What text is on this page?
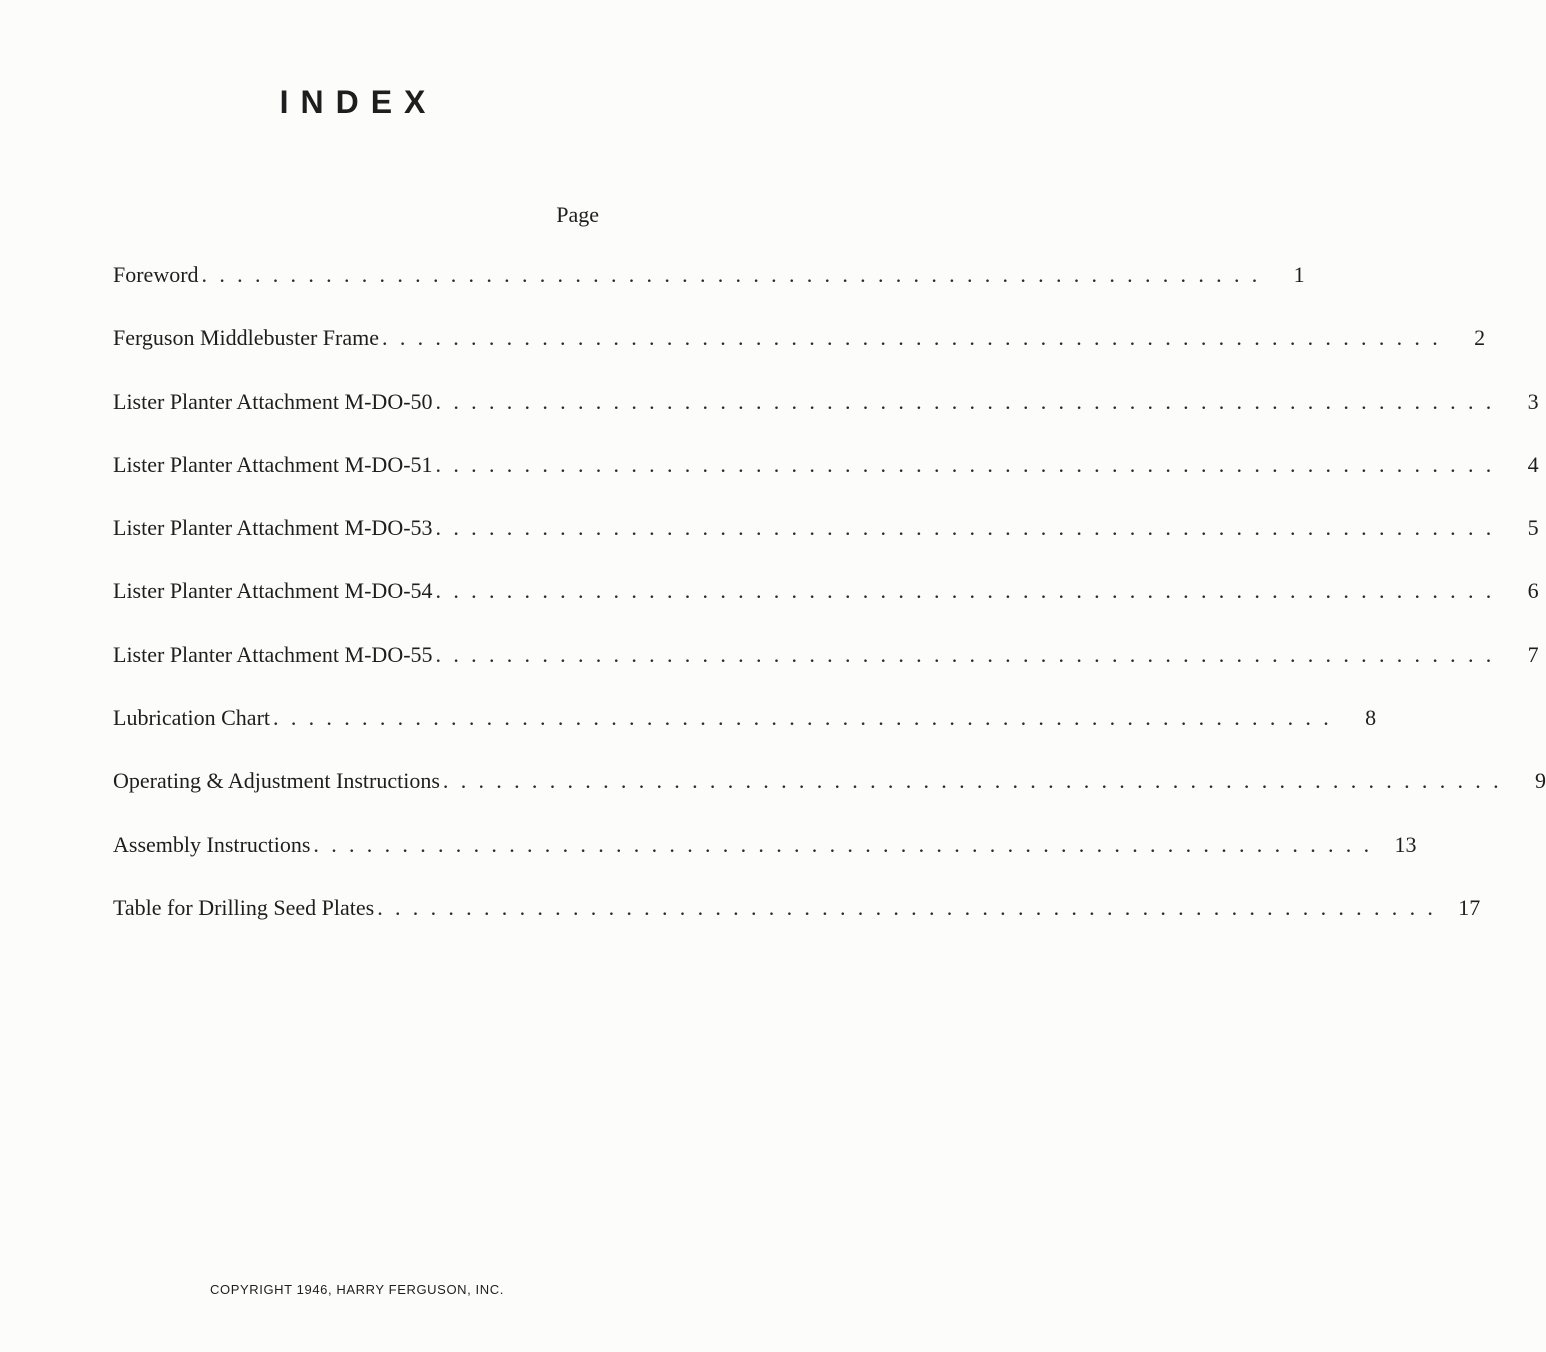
INDEX
Page
Foreword . . . . . . . . . . . . . . . . . . . . . . . . . . . . . . . . . . . . . . . . . . . . . . . . . . . . . . . . . . . .	1
Ferguson Middlebuster Frame . . . . . . . . . . . . . . . . . . . . . . . . . . . . . . . . . . . . . . . . . . . . . . . . . . . . . . . . . . . .	2
Lister Planter Attachment M-DO-50 . . . . . . . . . . . . . . . . . . . . . . . . . . . . . . . . . . . . . . . . . . . . . . . . . . . . . . . . . . . .	3
Lister Planter Attachment M-DO-51 . . . . . . . . . . . . . . . . . . . . . . . . . . . . . . . . . . . . . . . . . . . . . . . . . . . . . . . . . . . .	4
Lister Planter Attachment M-DO-53 . . . . . . . . . . . . . . . . . . . . . . . . . . . . . . . . . . . . . . . . . . . . . . . . . . . . . . . . . . . .	5
Lister Planter Attachment M-DO-54 . . . . . . . . . . . . . . . . . . . . . . . . . . . . . . . . . . . . . . . . . . . . . . . . . . . . . . . . . . . .	6
Lister Planter Attachment M-DO-55 . . . . . . . . . . . . . . . . . . . . . . . . . . . . . . . . . . . . . . . . . . . . . . . . . . . . . . . . . . . .	7
Lubrication Chart . . . . . . . . . . . . . . . . . . . . . . . . . . . . . . . . . . . . . . . . . . . . . . . . . . . . . . . . . . . .	8
Operating & Adjustment Instructions . . . . . . . . . . . . . . . . . . . . . . . . . . . . . . . . . . . . . . . . . . . . . . . . . . . . . . . . . . . .	9
Assembly Instructions . . . . . . . . . . . . . . . . . . . . . . . . . . . . . . . . . . . . . . . . . . . . . . . . . . . . . . . . . . . .	13
Table for Drilling Seed Plates . . . . . . . . . . . . . . . . . . . . . . . . . . . . . . . . . . . . . . . . . . . . . . . . . . . . . . . . . . . .	17
COPYRIGHT 1946, HARRY FERGUSON, INC.
